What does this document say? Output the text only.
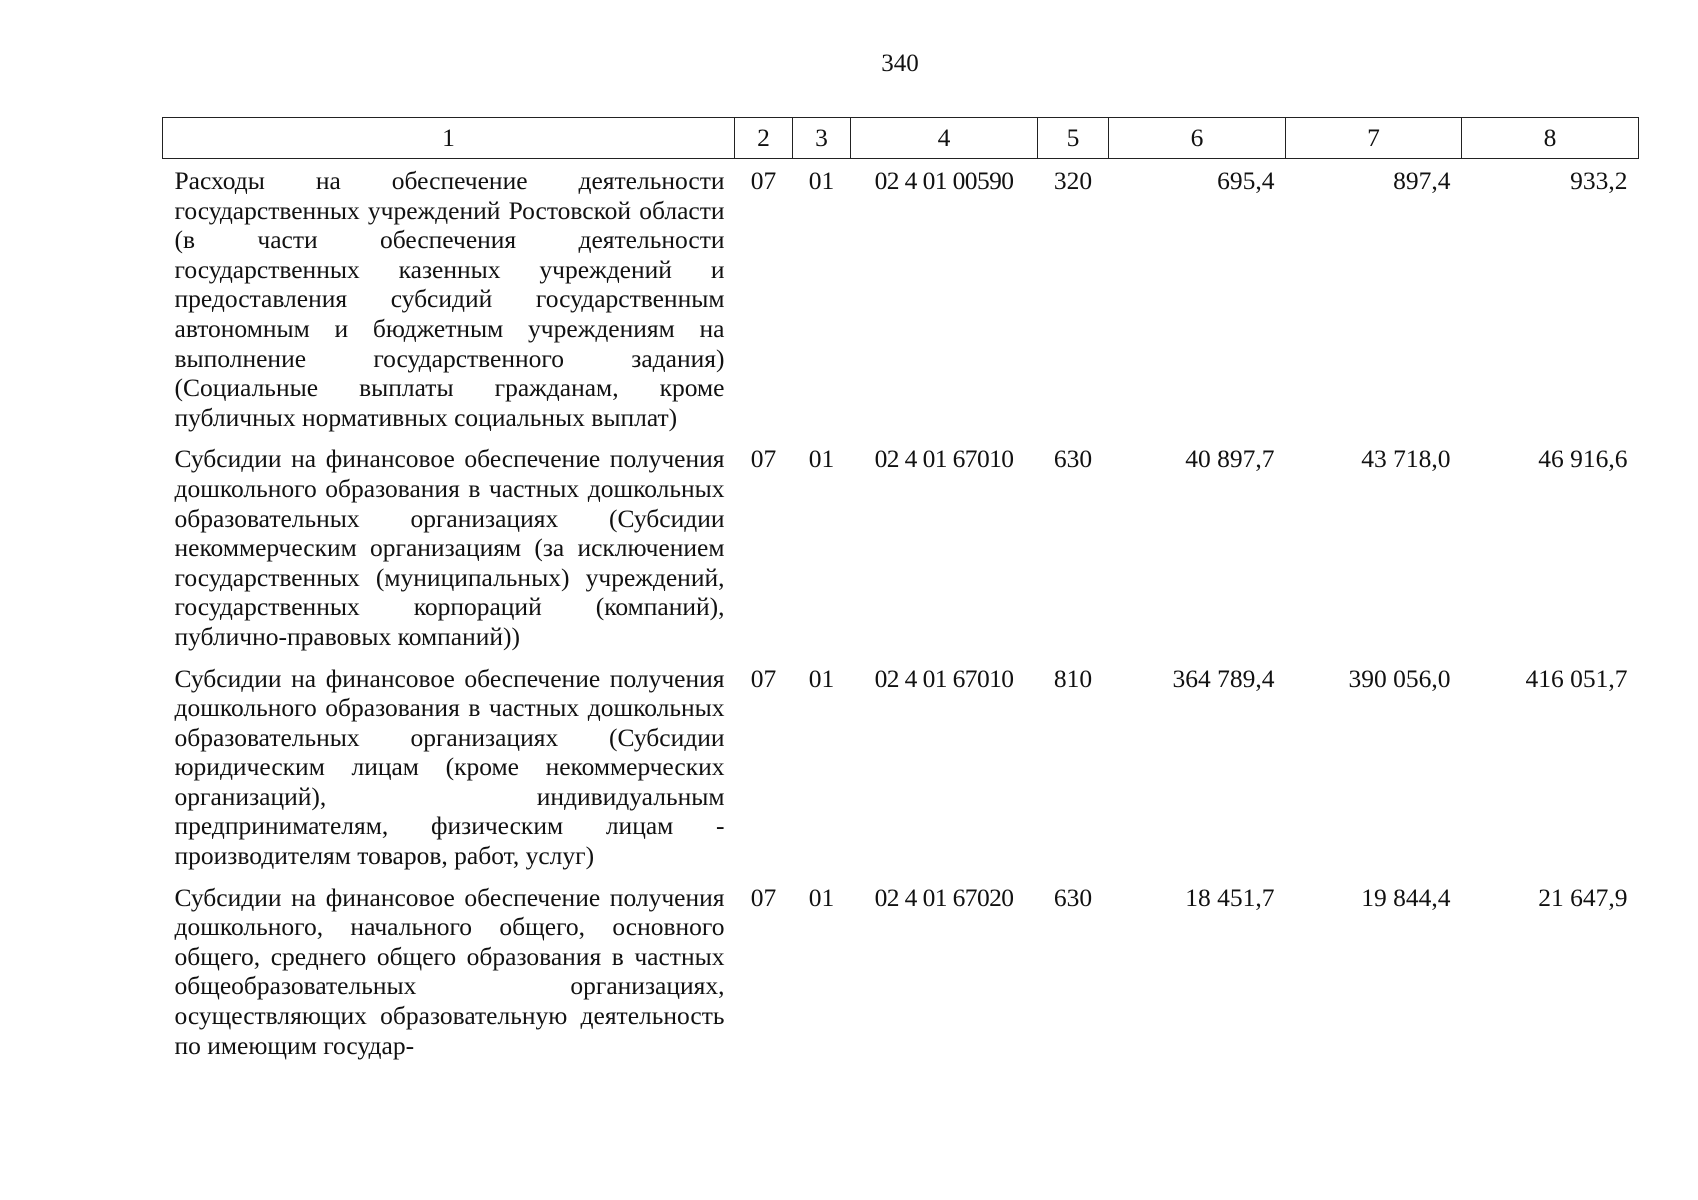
340
1	2	3	4	5	6	7	8
Расходы на обеспечение деятельности государственных учреждений Ростовской области (в части обеспечения деятельности государственных казенных учреждений и предоставления субсидий государственным автономным и бюджетным учреждениям на выполнение государственного задания) (Социальные выплаты гражданам, кроме публичных нормативных социальных выплат)	07	01	02 4 01 00590	320	695,4	897,4	933,2
Субсидии на финансовое обеспечение получения дошкольного образования в частных дошкольных образовательных организациях (Субсидии некоммерческим организациям (за исключением государственных (муниципальных) учреждений, государственных корпораций (компаний), публично-правовых компаний))	07	01	02 4 01 67010	630	40 897,7	43 718,0	46 916,6
Субсидии на финансовое обеспечение получения дошкольного образования в частных дошкольных образовательных организациях (Субсидии юридическим лицам (кроме некоммерческих организаций), индивидуальным предпринимателям, физическим лицам - производителям товаров, работ, услуг)	07	01	02 4 01 67010	810	364 789,4	390 056,0	416 051,7
Субсидии на финансовое обеспечение получения дошкольного, начального общего, основного общего, среднего общего образования в частных общеобразовательных организациях, осуществляющих образовательную деятельность по имеющим государ-	07	01	02 4 01 67020	630	18 451,7	19 844,4	21 647,9
